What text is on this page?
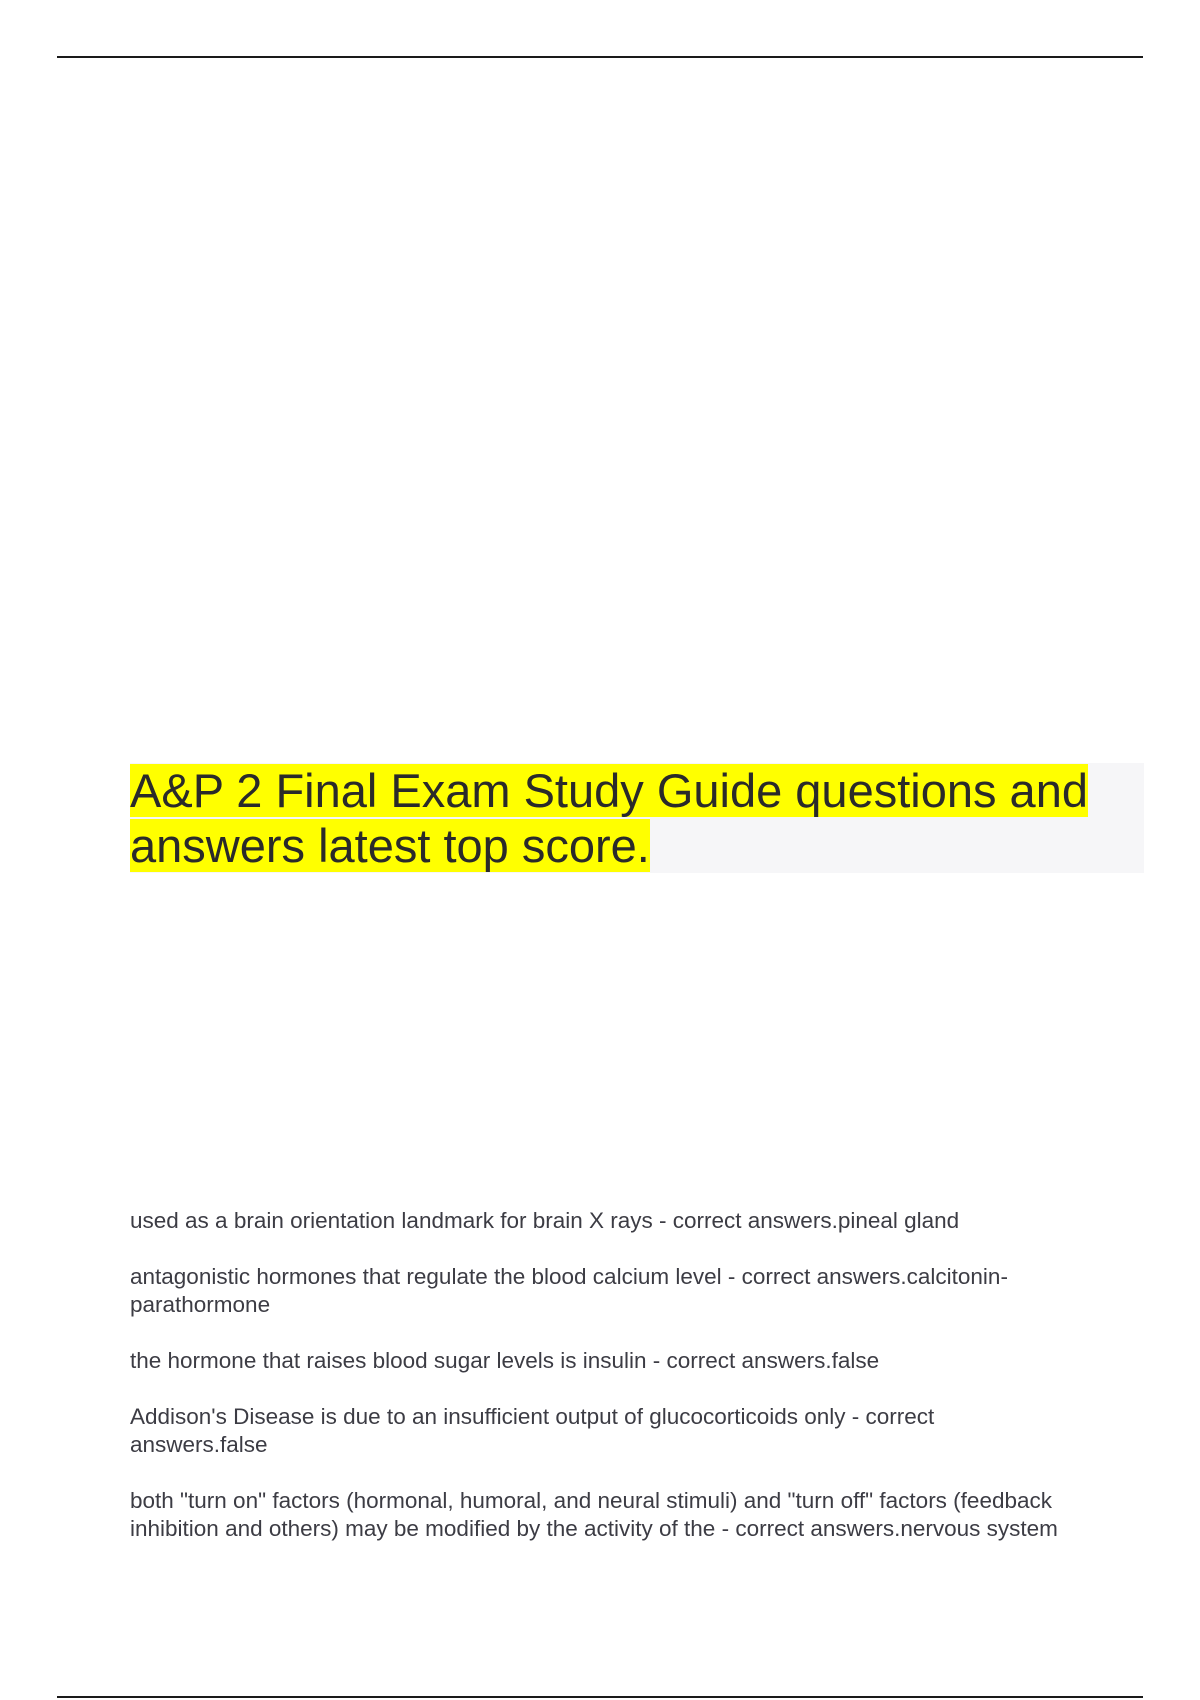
A&P 2 Final Exam Study Guide questions and answers latest top score.
used as a brain orientation landmark for brain X rays - correct answers.pineal gland
antagonistic hormones that regulate the blood calcium level - correct answers.calcitonin-
parathormone
the hormone that raises blood sugar levels is insulin - correct answers.false
Addison's Disease is due to an insufficient output of glucocorticoids only - correct
answers.false
both "turn on" factors (hormonal, humoral, and neural stimuli) and "turn off" factors (feedback
inhibition and others) may be modified by the activity of the - correct answers.nervous system
